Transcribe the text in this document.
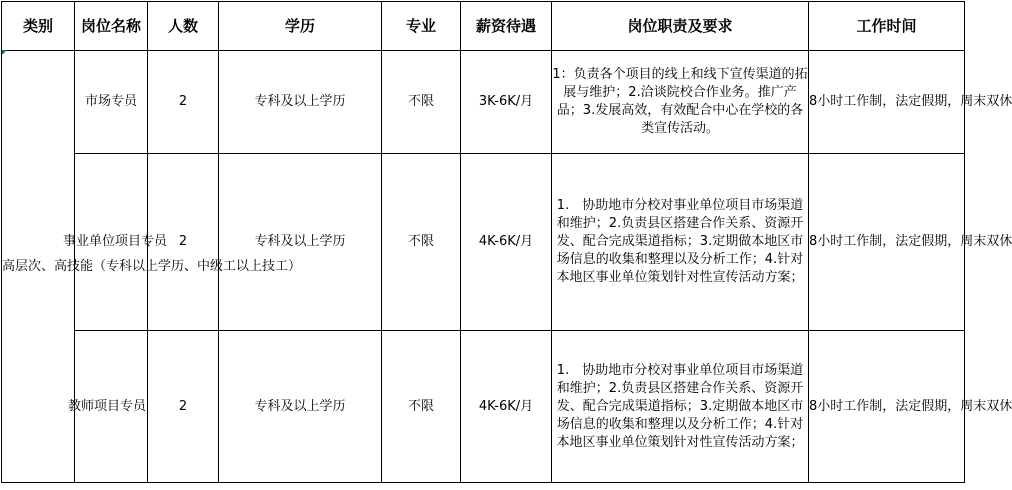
类别	岗位名称	人数	学历	专业	薪资待遇	岗位职责及要求	工作时间
高层次、高技能（专科以上学历、中级工以上技工）	市场专员	2	专科及以上学历	不限	3K-6K/月	1：负责各个项目的线上和线下宣传渠道的拓展与维护；2.洽谈院校合作业务。推广产品；3.发展高效，有效配合中心在学校的各类宣传活动。	8小时工作制，法定假期，周末双休

	事业单位项目专员	2	专科及以上学历	不限	4K-6K/月	1.　协助地市分校对事业单位项目市场渠道和维护；2.负责县区搭建合作关系、资源开发、配合完成渠道指标；3.定期做本地区市场信息的收集和整理以及分析工作；4.针对本地区事业单位策划针对性宣传活动方案；	8小时工作制，法定假期，周末双休

	教师项目专员	2	专科及以上学历	不限	4K-6K/月	1.　协助地市分校对事业单位项目市场渠道和维护；2.负责县区搭建合作关系、资源开发、配合完成渠道指标；3.定期做本地区市场信息的收集和整理以及分析工作；4.针对本地区事业单位策划针对性宣传活动方案；	8小时工作制，法定假期，周末双休
